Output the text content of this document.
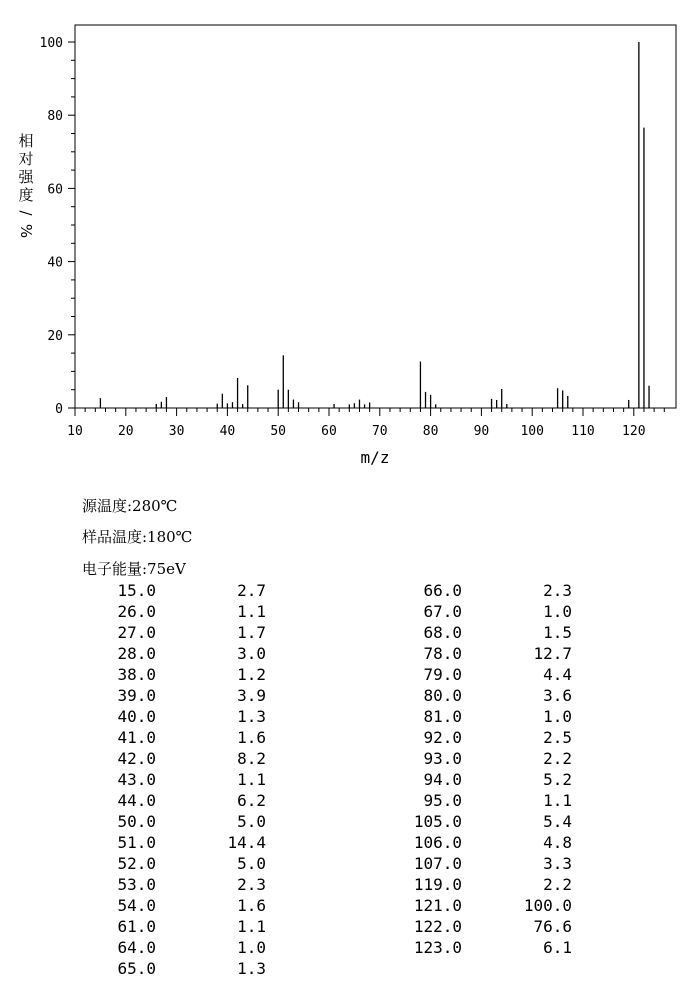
0
20
40
60
80
100
10	20	30	40	50	60	70	80	90 100 110 120
相
对
强
度
/
%
m/z
源温度:280℃
样品温度:180℃
电子能量:75eV
15.0	2.7
26.0	1.1
27.0	1.7
28.0	3.0
38.0	1.2
39.0	3.9
40.0	1.3
41.0	1.6
42.0	8.2
43.0	1.1
44.0	6.2
50.0	5.0
51.0	14.4
52.0	5.0
53.0	2.3
54.0	1.6
61.0	1.1
64.0	1.0
65.0	1.3
66.0	2.3
67.0	1.0
68.0	1.5
78.0	12.7
79.0	4.4
80.0	3.6
81.0	1.0
92.0	2.5
93.0	2.2
94.0	5.2
95.0	1.1
105.0	5.4
106.0	4.8
107.0	3.3
119.0	2.2
121.0	100.0
122.0	76.6
123.0	6.1
